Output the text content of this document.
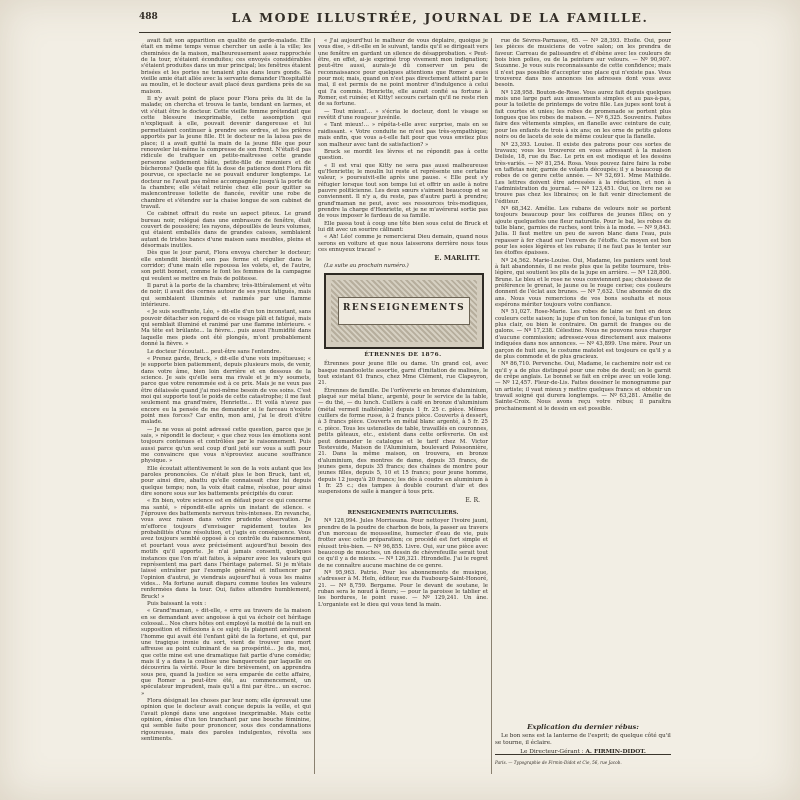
488	LA MODE ILLUSTRÉE, JOURNAL DE LA FAMILLE.

avait fait son apparition en qualité de garde-malade. Elle était en même temps venue chercher un asile à la ville; les cheminées de la maison, malheureusement assez rapprochée de la tour, n'étaient éconduites; ces envoyés considérables s'étaient produites dans un mur principal; les fenêtres étaient brisées et les portes ne tenaient plus dans leurs gonds. Sa vieille amie était allée avec la servante demander l'hospitalité au moulin, et le docteur avait placé deux gardiens près de sa maison.

Il n'y avait point de place pour Flora près du lit de la malade; on chercha et trouva le tante, tendant en larmes, et vit s'était être le docteur. Cette vieille femme prétendait que cette blessure inexprimable, cette assomption qui n'expliquait à elle, pouvait devenir dangereuse et lui permettaient continuer à prendre ses ordres, et les prières apportés par la jeune fille. Et le docteur ne la laissa pas de place; il a avait quitté la main de la jeune fille que pour renouveler lui-même la compresse de son front. N'était-il pas ridicule de trafiquer en petite-maîtresse cette grande personne solidement bâtie, petite-fille de meuniers et de bûcherons? Quelle que fût la dose de patience dont Flora fût pourvue, ce spectacle ne se pouvait endurer longtemps. Le docteur ne l'avait pas même accompagnée jusqu'à la porte de la chambre; elle s'était retirée chez elle pour quitter sa malencontreuse toilette de fiancée, revêtir une robe de chambre et s'étendre sur la chaise longue de son cabinet de travail.

Ce cabinet offrait du reste un aspect piteux. Le grand bureau noir, relégué dans une embrasure de fenêtre, était couvert de poussière; les rayons, dépouillés de leurs volumes, qui étaient emballés dans de grandes caisses, semblaient autant de tristes bancs d'une maison sans meubles, pleins et désormais inutiles.

Dès que le jour parut, Flora envoya chercher le docteur; elle entendit bientôt son pas ferme et régulier dans le corridor; d'une main elle repoussa les volets, et, de l'autre, son petit bonnet, comme le font les femmes de la campagne qui veulent se mettre en frais de politesse.

Il parut à la porte de la chambre; très-littéralement et vêtu de noir; il avait des cernes autour de ses yeux fatigués, mais qui semblaient illuminés et ranimés par une flamme intérieure.

« Je suis souffrante, Léo, » dit-elle d'un ton inconstant, sans pouvoir détacher son regard de ce visage pâli et fatigué, mais qui semblait illuminé et ranimé par une flamme intérieure. « Ma tête est brûlante... la fièvre... puis aussi l'humidité dans laquelle mes pieds ont été plongés, m'ont probablement donné la fièvre. »

Le docteur l'écoutait... peut-être sans l'entendre.

« Prenez garde, Bruck, » dit-elle d'une voix impétueuse; « je supporte bien patiemment, depuis plusieurs mois, de venir, dans votre âme, bien loin derrière et en dessous de la science. Je sais qu'elle sera ma rivale et je m'y soumets, parce que votre renommée est à ce prix. Mais je ne veux pas être délaissée quand j'ai moi-même besoin de vos soins. C'est moi qui supporte tout le poids de cette catastrophe; il me faut seulement ma grand'mère, Henriette... Et voilà n'avez pas encore eu la pensée de me demander si le farceau n'existe point mes forces? Car enfin, mon ami, j'ai le droit d'être malade.

— Je ne vous ai point adressé cette question, parce que je sais, » répondit le docteur, « que chez vous les émotions sont toujours contenues et contrôlées par le raisonnement. Puis aussi parce qu'un seul coup d'œil jeté sur vous a suffi pour me convaincre que vous n'éprouviez aucune souffrance physique. »

Elle écoutait attentivement le son de la voix autant que les paroles prononcées. Ce n'était plus le bon Bruck, tant et, pour ainsi dire, abattu qu'elle connaissait chez lui depuis quelque temps; non, la voix était calme, résolue, pour ainsi dire sonore sous sur les battements précipités du cœur.

« En bien, votre science est en défaut pour ce qui concerne ma santé, » répondit-elle après un instant de silence. « J'éprouve des battements nerveux très-intenses. En revanche, vous avez raison dans votre prudente observation. Je m'efforce toujours d'envisager rapidement toutes les probabilités d'une résolution, et j'agis en conséquence. Vous avez toujours semblé opposé à ce contrôle du raisonnement, et pourtant vous avez précisément aujourd'hui besoin des motifs qu'il apporte. Je n'ai jamais consenti, quelques instances que l'on m'ait faites, à séparer avec les valeurs qui représentent ma part dans l'héritage paternel. Si je m'étais laissé entraîner par l'exemple général et influencer par l'opinion d'autrui, je viendrais aujourd'hui à vous les mains vides... Ma fortune aurait disparu comme toutes les valeurs renfermées dans la tour. Oui, faites attendre humblement, Bruck! »

Puis baissant la voix :

« Grand'maman, » dit-elle, « erre au travers de la maison en se demandant avec angoisse à qui va échoir cet héritage colossal... Nos chers hôtes ont employé la moitié de la nuit en supposition et réflexions à ce sujet; ils plaignent amèrement l'homme qui avait été l'enfant gâté de la fortune, et qui, par une tragique ironie du sort, vient de trouver une mort affreuse au point culminant de sa prospérité... Je dis, moi, que cette mine est une dramatique fait partie d'une comédie; mais il y a dans la coulisse une banqueroute par laquelle on découvrira la vérité. Pour le dire brièvement, on apprendra sous peu, quand la justice se sera emparée de cette affaire, que Romer a peut-être été, au commencement, un spéculateur imprudent, mais qu'il a fini par être... un escroc. »

Flora désignait les choses par leur nom; elle éprouvait une opinion que le docteur avait conçue depuis la veille, et qui l'avait plongé dans une angoisse inexprimable. Mais cette opinion, émise d'un ton tranchant par une bouche féminine, qui semble faite pour prononcer, sous des condamnations rigoureuses, mais des paroles indulgentes, révolta ses sentiments.

« J'ai aujourd'hui le malheur de vous déplaire, quoique je vous dise, » dit-elle en le suivant, tandis qu'il se dirigeait vers une fenêtre en gardant un silence de désapprobation. « Peut-être, en effet, ai-je exprimé trop vivement mon indignation; peut-être aussi, aurais-je dû conserver un peu de reconnaissance pour quelques attentions que Romer a eues pour moi; mais, quand on n'est pas directement atteint par le mal, il est permis de ne point montrer d'indulgence à celui qui l'a commis. Henriette, elle aurait confié sa fortune à Romer, est ruinée; et Kitty! secours certain qu'il ne reste rien de sa fortune.

— Tout mieux!... » s'écria le docteur, dont le visage se revêtit d'une rougeur juvénile.

« Tant mieux!... » répéta-t-elle avec surprise, mais en se raidissant. « Votre conduite ne m'est pas très-sympathique; mais enfin, que vous a-t-elle fait pour que vous enviiez plus son malheur avec tant de satisfaction? »

Bruck se mordit les lèvres et ne répondit pas à cette question.

« Il est vrai que Kitty ne sera pas aussi malheureuse qu'Henriette; le moulin lui reste et représente une certaine valeur, » poursuivit-elle après une pause. « Elle peut s'y réfugier lorsque tout son temps lui et offrir un asile à notre pauvre politicienne. Les deux sœurs s'aiment beaucoup et se conviennent. Il n'y a, du reste, pas d'autre parti à prendre; grand'maman ne peut, avec ses ressources très-modiques, prendre la charge d'Henriette, et je ne m'avérerai sortie pas de vous imposer le fardeau de sa famille.

Elle passa tout à coup une tête bien sous celui de Bruck et lui dit avec un sourire câlinant:

« Ah! Léo! comme je remercierai Dieu demain, quand nous serons en voiture et que nous laisserons derrière nous tous ces ennuyeux tracas! »

E. MARLITT.
(La suite au prochain numéro.)
RENSEIGNEMENTS
ÉTRENNES DE 1876.

Étrennes pour jeune fille ou dame. Un grand col, avec basque mandoolette assortie, garni d'imitation de malines, le tout existant 61 francs, chez Mme Clément, rue Clapeyron, 21.

Étrennes de famille. De l'orfèvrerie en bronze d'aluminium, plaqué sur métal blanc, argenté, pour le service de la table, — du thé, — du lunch. Cuillers à café en bronze d'aluminium (métal vermeil inaltérable) depuis 1 fr. 25 c. pièce. Mêmes cuillers de forme russe, à 2 francs pièce. Couverts à dessert, à 3 francs pièce. Couverts en métal blanc argenté, à 5 fr. 25 c. pièce. Tous les ustensiles de table, travaillés en couronnes, petits gâteaux, etc., existent dans cette orfèvrerie. On est peut demander le catalogue et le tarif chez M. Victor Testevuide, Maison de l'Aluminium, boulevard Poissonnière, 21. Dans la même maison, on trouvera, en bronze d'aluminium, des montres de dame, depuis 35 francs, de jeunes gens, depuis 35 francs; des chaînes de montre pour jeunes filles, depuis 5, 10 et 15 francs; pour jeune homme, depuis 12 jusqu'à 20 francs; les dés à coudre en aluminium à 1 fr. 25 c.; des tampes à double courant d'air et des suspensions de salle à manger à tous prix.

E. R.
RENSEIGNEMENTS PARTICULIERS.

Nº 128,994. Jules Morrissana. Pour nettoyer l'ivoire jauni, prendre de la poudre de charbon de bois, la passer au travers d'un morceau de mousseline, humecter d'eau de vie, puis frotter avec cette préparation; ce procédé est fort simple et réussit très-bien. — Nº 96,855. Livre. Oui, sur une pièce avec beaucoup de mouches, un dessin de chèvrefeuille serait tout ce qu'il y a de mieux. — Nº 126,321. Hirondelle. J'ai le regret de ne connaître aucune machine de ce genre.

Nº 95,963. Patrie. Pour les abonnements de musique, s'adresser à M. Heïn, éditeur, rue du Faubourg-Saint-Honoré, 21. — Nº 8,759. Bergame. Pour le devant de soutane, le ruban sera le nœud à fleurs; — pour la paroisse le tablier et les bordures, le point russe. — Nº 129,241. Un âne. L'organiste est le dieu qui vous tend la main.

rue de Sèvres-Parnasse, 65. — Nº 28,393. Étoile. Oui, pour les pièces de musiciens de votre salon; on les prendra de faveur. Carreau de palissandre et d'ébène avec les couleurs de bois bien polies, ou de la peinture sur velours. — Nº 90,907. Suzanne. Je vous suis reconnaissante de cette confidence; mais il n'est pas possible d'accepter une place qui n'existe pas. Vous trouverez dans nos annonces les adresses dont vous avez besoin.

Nº 128,958. Bouton-de-Rose. Vous aurez fait depuis quelques mois une large part aux amusements simples et au pas-à-pas, pour la toilette de printemps de votre fille. Les jupes sont tout à fait courtes et unies; les robes de promenade se portent plus longues que les robes de maison. — Nº 6,325. Souvenirs. Faites faire des vêtements simples, en flanelle avec ceinture de cuir, pour les enfants de trois à six ans; on les orne de petits galons noirs ou de lacets de soie de même couleur que la flanelle.

Nº 23,393. Louise. Il existe des patrons pour ces sortes de travaux; vous les trouverez en vous adressant à la maison Delisle, 18, rue du Bac. Le prix en est modique et les dessins très-variés. — Nº 81,254. Rosa. Vous pouvez faire faire la robe en taffetas noir, garnie de volants découpés; il y a beaucoup de robes de ce genre cette année. — Nº 52,691. Mme Mathilde. Les lettres doivent être adressées à la rédaction, et non à l'administration du journal. — Nº 123,451. Oui, ce livre ne se trouve pas chez les libraires; on le fait venir directement de l'éditeur.

Nº 68,342. Amélie. Les rubans de velours noir se portent toujours beaucoup pour les coiffures de jeunes filles; on y ajoute quelquefois une fleur naturelle. Pour le bal, les robes de tulle blanc, garnies de ruches, sont très à la mode. — Nº 9,843. Julia. Il faut mettre un peu de savon blanc dans l'eau, puis repasser à fer chaud sur l'envers de l'étoffe. Ce moyen est bon pour les soies légères et les rubans; il ne faut pas le tenter sur les étoffes épaisses.

Nº 24,562. Marie-Louise. Oui, Madame, les paniers sont tout à fait abandonnés, il ne reste plus que la petite tournure, très-légère, qui soutient les plis de la jupe en arrière. — Nº 128,800. Brune. Le bleu et le rose ne vous conviennent pas; choisissez de préférence le grenat, le jaune ou le rouge cerise; ces couleurs donnent de l'éclat aux brunes. — Nº 7,632. Une abonnée de dix ans. Nous vous remercions de vos bons souhaits et nous espérons mériter toujours votre confiance.

Nº 51,027. Rose-Marie. Les robes de laine se font en deux couleurs cette saison; la jupe d'un ton foncé, la tunique d'un ton plus clair, ou bien le contraire. On garnit de franges ou de galons. — Nº 17,238. Célestine. Nous ne pouvons nous charger d'aucune commission; adressez-vous directement aux maisons indiquées dans nos annonces. — Nº 43,899. Une mère. Pour un garçon de huit ans, le costume matelot est toujours ce qu'il y a de plus commode et de plus gracieux.

Nº 86,710. Pervenche. Oui, Madame, le cachemire noir est ce qu'il y a de plus distingué pour une robe de deuil; on le garnit de crêpe anglais. Le bonnet se fait en crêpe avec un voile long. — Nº 12,457. Fleur-de-Lis. Faites dessiner le monogramme par un artiste; il vaut mieux y mettre quelques francs et obtenir un travail soigné qui durera longtemps. — Nº 63,281. Amélie de Sainte-Croix. Nous avons reçu votre rébus; il paraîtra prochainement si le dessin en est possible.

Explication du dernier rébus:
Le bon sens est la lanterne de l'esprit; de quelque côté qu'il se tourne, il éclaire.
Le Directeur-Gérant : A. FIRMIN-DIDOT.
Paris. — Typographie de Firmin-Didot et Cie, 56, rue Jacob.
